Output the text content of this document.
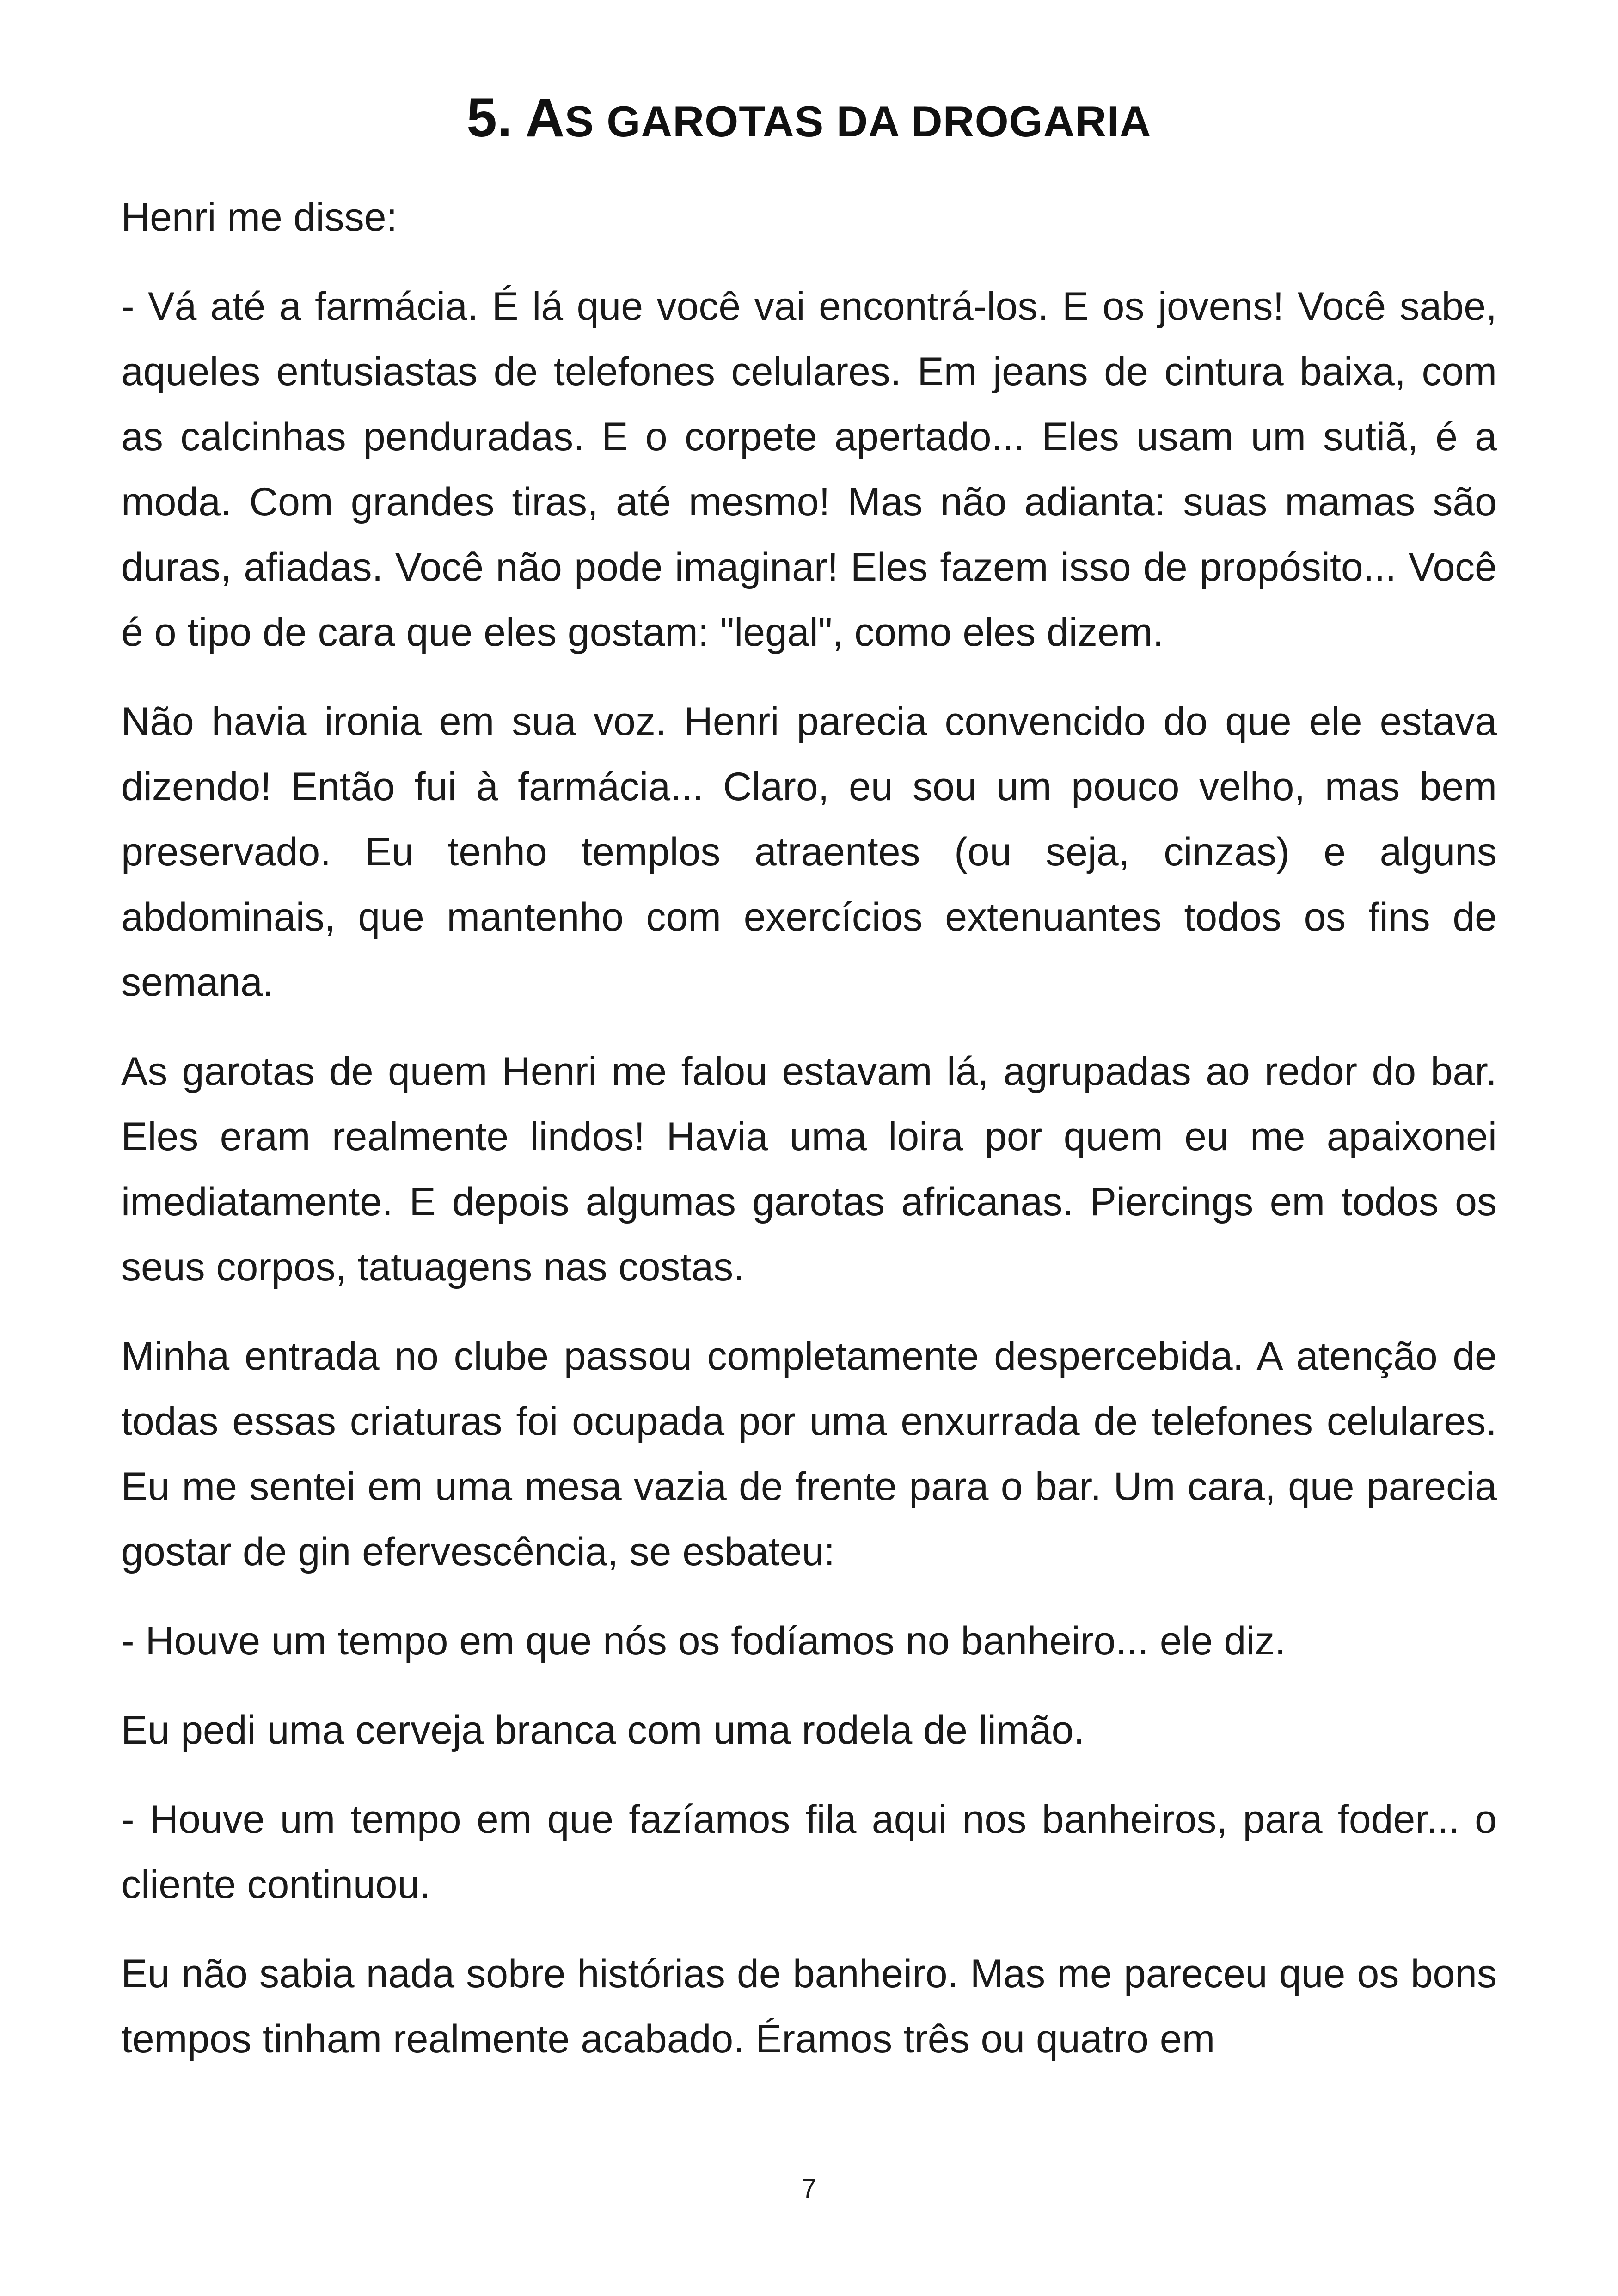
5. AS GAROTAS DA DROGARIA

Henri me disse:

- Vá até a farmácia. É lá que você vai encontrá-los. E os jovens! Você sabe, aqueles entusiastas de telefones celulares. Em jeans de cintura baixa, com as calcinhas penduradas. E o corpete apertado... Eles usam um sutiã, é a moda. Com grandes tiras, até mesmo! Mas não adianta: suas mamas são duras, afiadas. Você não pode imaginar! Eles fazem isso de propósito... Você é o tipo de cara que eles gostam: "legal", como eles dizem.

Não havia ironia em sua voz. Henri parecia convencido do que ele estava dizendo! Então fui à farmácia... Claro, eu sou um pouco velho, mas bem preservado. Eu tenho templos atraentes (ou seja, cinzas) e alguns abdominais, que mantenho com exercícios extenuantes todos os fins de semana.

As garotas de quem Henri me falou estavam lá, agrupadas ao redor do bar. Eles eram realmente lindos! Havia uma loira por quem eu me apaixonei imediatamente. E depois algumas garotas africanas. Piercings em todos os seus corpos, tatuagens nas costas.

Minha entrada no clube passou completamente despercebida. A atenção de todas essas criaturas foi ocupada por uma enxurrada de telefones celulares. Eu me sentei em uma mesa vazia de frente para o bar. Um cara, que parecia gostar de gin efervescência, se esbateu:

- Houve um tempo em que nós os fodíamos no banheiro... ele diz.

Eu pedi uma cerveja branca com uma rodela de limão.

- Houve um tempo em que fazíamos fila aqui nos banheiros, para foder... o cliente continuou.

Eu não sabia nada sobre histórias de banheiro. Mas me pareceu que os bons tempos tinham realmente acabado. Éramos três ou quatro em

7
